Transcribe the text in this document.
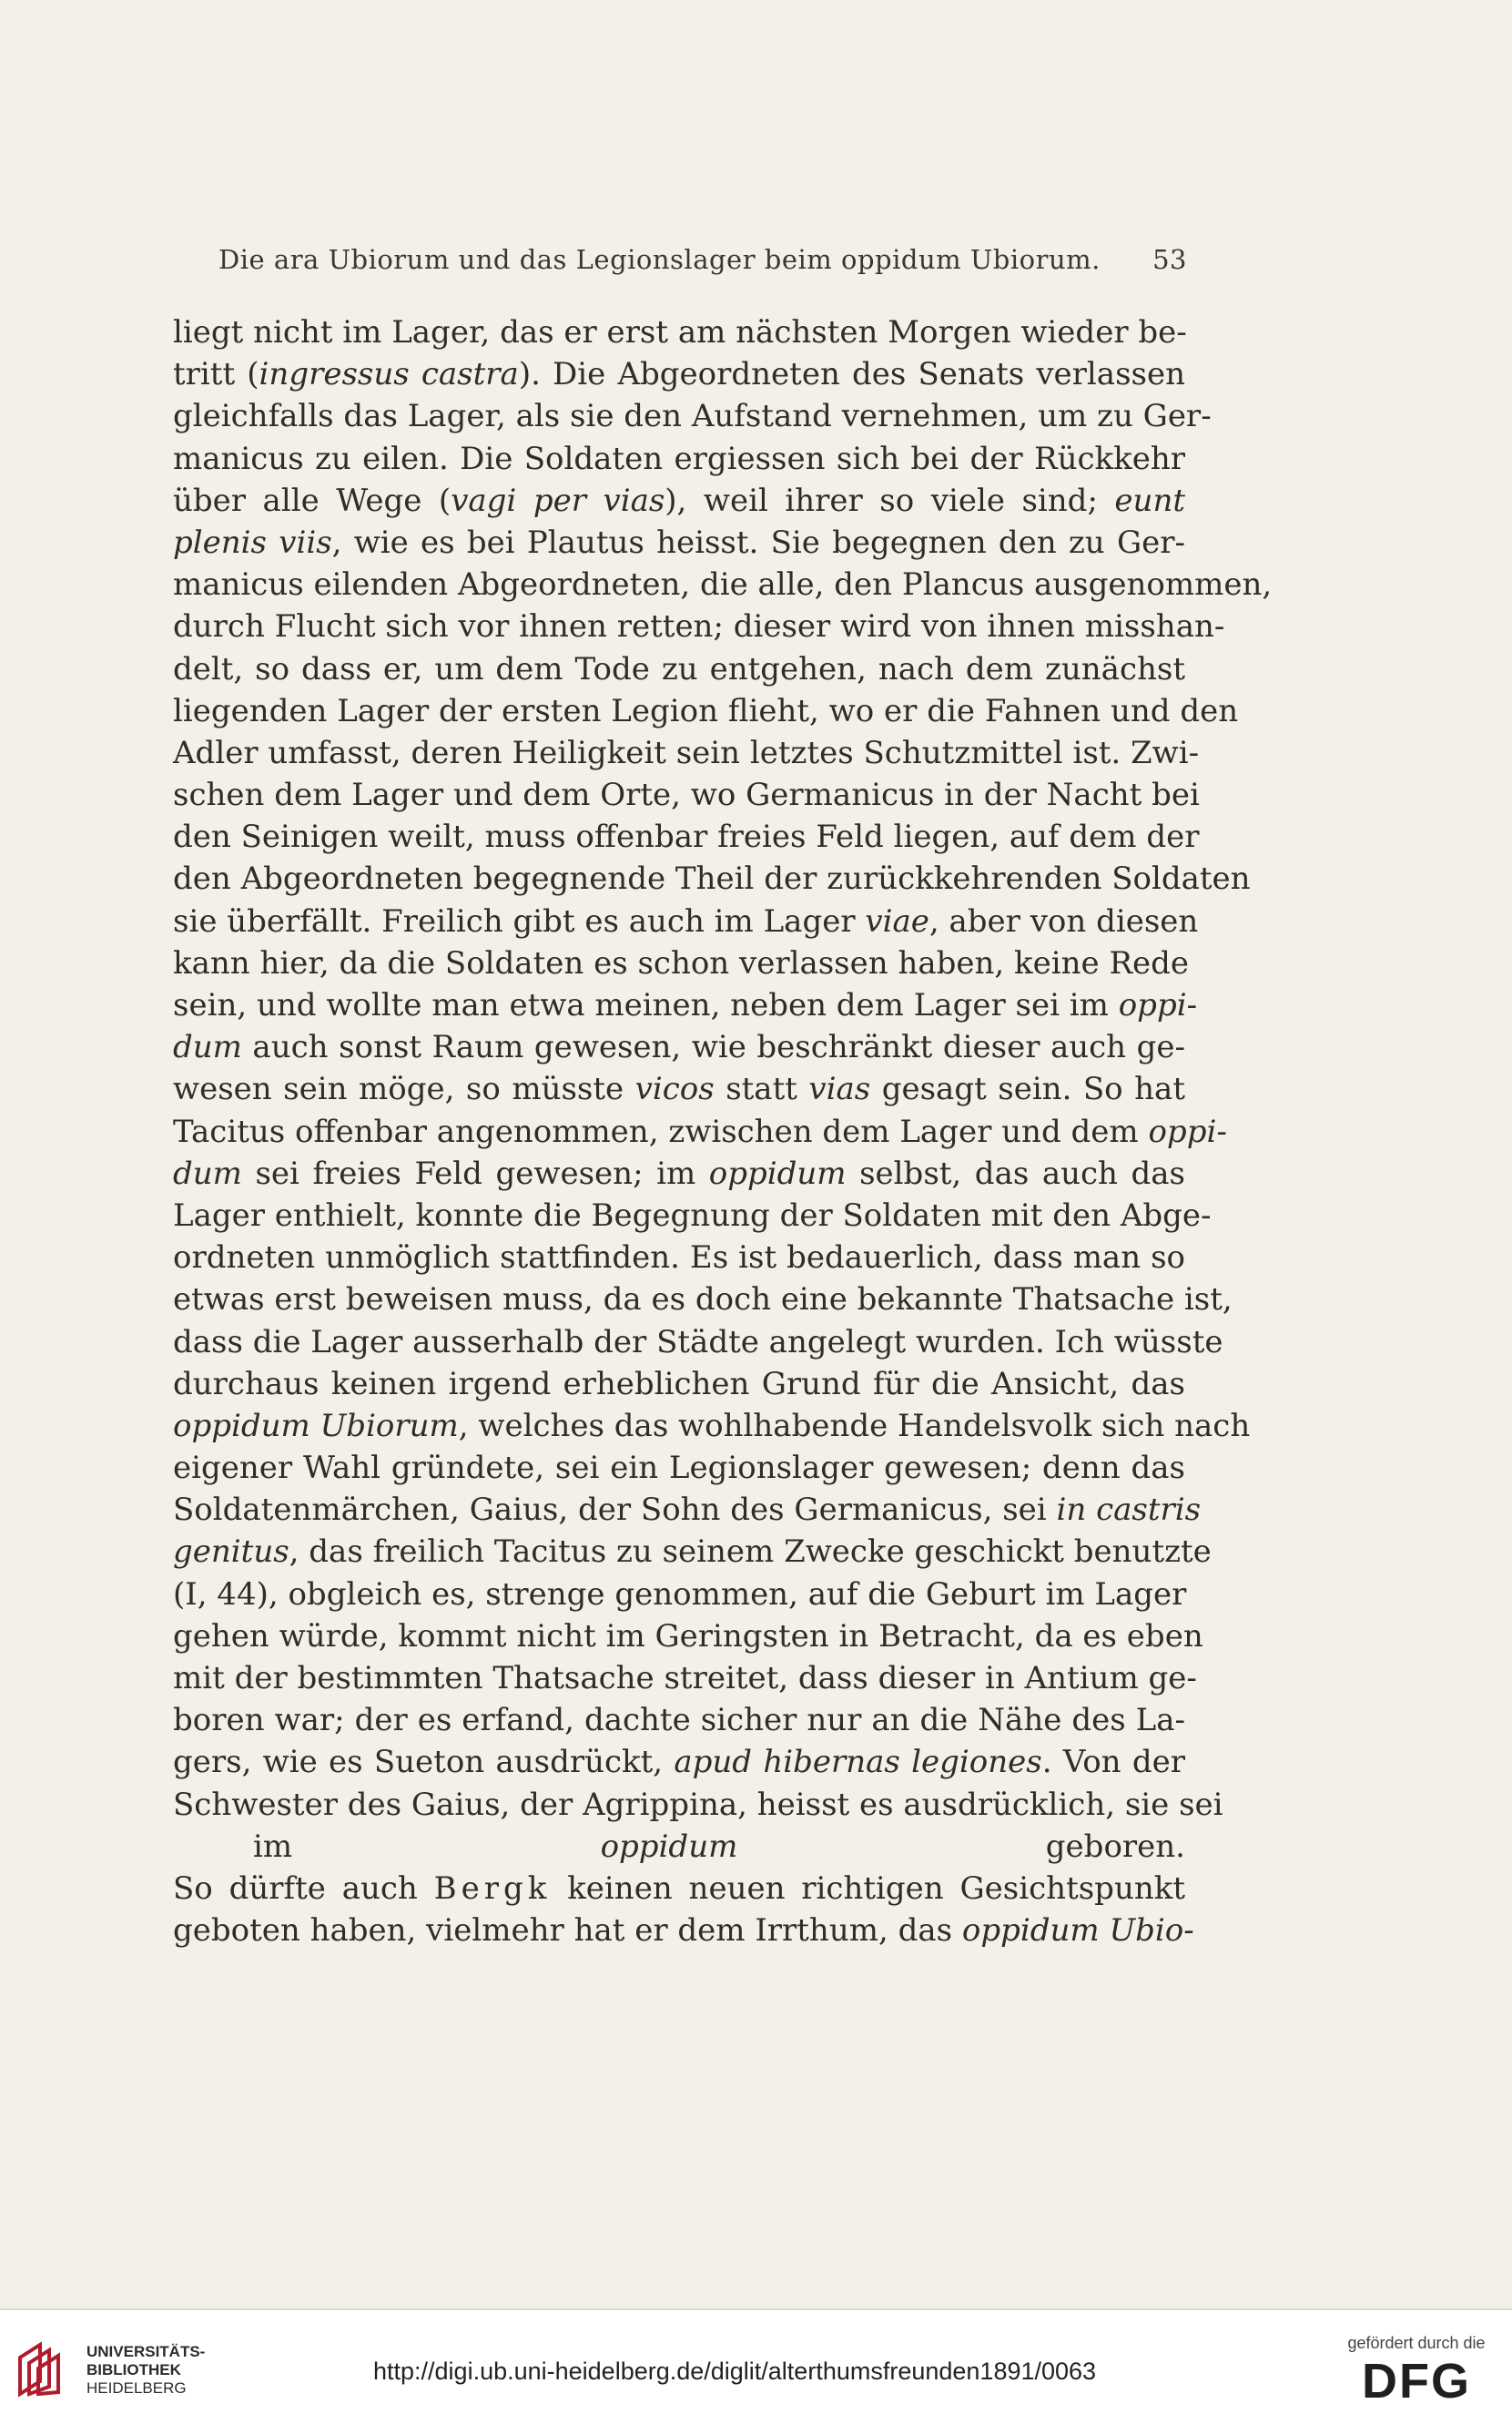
Die ara Ubiorum und das Legionslager beim oppidum Ubiorum. 53
liegt nicht im Lager, das er erst am nächsten Morgen wieder be-
tritt (ingressus castra). Die Abgeordneten des Senats verlassen
gleichfalls das Lager, als sie den Aufstand vernehmen, um zu Ger-
manicus zu eilen. Die Soldaten ergiessen sich bei der Rückkehr
über alle Wege (vagi per vias), weil ihrer so viele sind; eunt
plenis viis, wie es bei Plautus heisst. Sie begegnen den zu Ger-
manicus eilenden Abgeordneten, die alle, den Plancus ausgenommen,
durch Flucht sich vor ihnen retten; dieser wird von ihnen misshan-
delt, so dass er, um dem Tode zu entgehen, nach dem zunächst
liegenden Lager der ersten Legion flieht, wo er die Fahnen und den
Adler umfasst, deren Heiligkeit sein letztes Schutzmittel ist. Zwi-
schen dem Lager und dem Orte, wo Germanicus in der Nacht bei
den Seinigen weilt, muss offenbar freies Feld liegen, auf dem der
den Abgeordneten begegnende Theil der zurückkehrenden Soldaten
sie überfällt. Freilich gibt es auch im Lager viae, aber von diesen
kann hier, da die Soldaten es schon verlassen haben, keine Rede
sein, und wollte man etwa meinen, neben dem Lager sei im oppi-
dum auch sonst Raum gewesen, wie beschränkt dieser auch ge-
wesen sein möge, so müsste vicos statt vias gesagt sein. So hat
Tacitus offenbar angenommen, zwischen dem Lager und dem oppi-
dum sei freies Feld gewesen; im oppidum selbst, das auch das
Lager enthielt, konnte die Begegnung der Soldaten mit den Abge-
ordneten unmöglich stattfinden. Es ist bedauerlich, dass man so
etwas erst beweisen muss, da es doch eine bekannte Thatsache ist,
dass die Lager ausserhalb der Städte angelegt wurden. Ich wüsste
durchaus keinen irgend erheblichen Grund für die Ansicht, das
oppidum Ubiorum, welches das wohlhabende Handelsvolk sich nach
eigener Wahl gründete, sei ein Legionslager gewesen; denn das
Soldatenmärchen, Gaius, der Sohn des Germanicus, sei in castris
genitus, das freilich Tacitus zu seinem Zwecke geschickt benutzte
(I, 44), obgleich es, strenge genommen, auf die Geburt im Lager
gehen würde, kommt nicht im Geringsten in Betracht, da es eben
mit der bestimmten Thatsache streitet, dass dieser in Antium ge-
boren war; der es erfand, dachte sicher nur an die Nähe des La-
gers, wie es Sueton ausdrückt, apud hibernas legiones. Von der
Schwester des Gaius, der Agrippina, heisst es ausdrücklich, sie sei
im oppidum geboren.
So dürfte auch Bergk keinen neuen richtigen Gesichtspunkt
geboten haben, vielmehr hat er dem Irrthum, das oppidum Ubio-
UNIVERSITÄTS-
BIBLIOTHEK
HEIDELBERG
http://digi.ub.uni-heidelberg.de/diglit/alterthumsfreunden1891/0063
gefördert durch die
DFG
